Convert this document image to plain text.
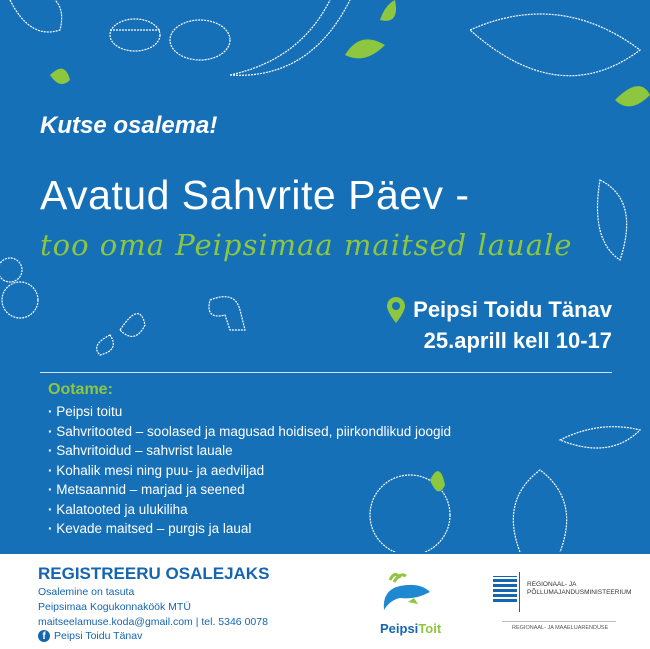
Kutse osalema!
Avatud Sahvrite Päev -
too oma Peipsimaa maitsed lauale
Peipsi Toidu Tänav
25.aprill kell 10-17
Ootame:
· Peipsi toitu
· Sahvritooted – soolased ja magusad hoidised, piirkondlikud joogid
· Sahvritoidud – sahvrist lauale
· Kohalik mesi ning puu- ja aedviljad
· Metsaannid – marjad ja seened
· Kalatooted ja ulukiliha
· Kevade maitsed – purgis ja laual
REGISTREERU OSALEJAKS
Osalemine on tasuta
Peipsimaa Kogukonnaköök MTÜ
maitseelamuse.koda@gmail.com | tel. 5346 0078
f Peipsi Toidu Tänav	PeipsiToit
REGIONAAL- JA PÕLLUMAJANDUSMINISTEERIUM
REGIONAAL- JA MAAELUARENDUSE
